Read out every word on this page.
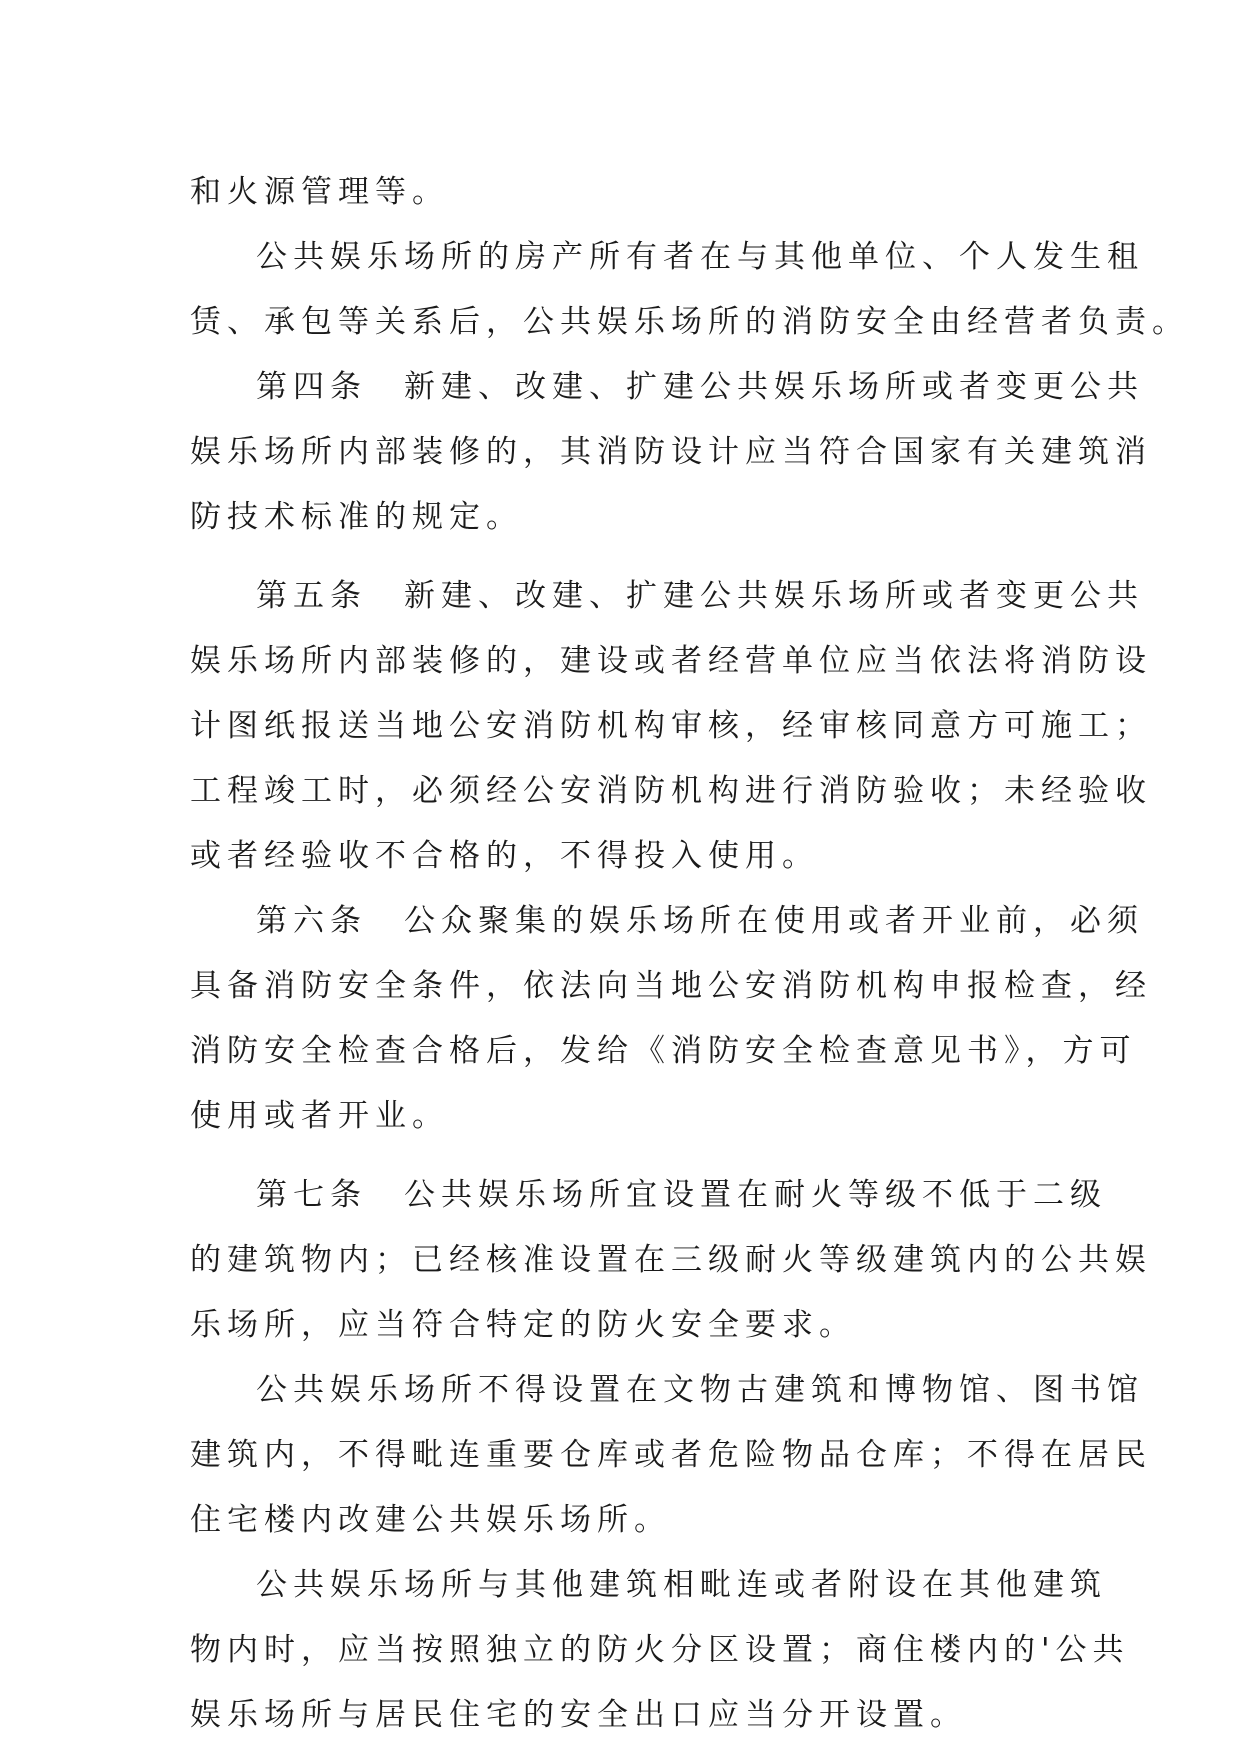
和火源管理等。
公共娱乐场所的房产所有者在与其他单位、个人发生租
赁、承包等关系后，公共娱乐场所的消防安全由经营者负责。
第四条　新建、改建、扩建公共娱乐场所或者变更公共
娱乐场所内部装修的，其消防设计应当符合国家有关建筑消
防技术标准的规定。
第五条　新建、改建、扩建公共娱乐场所或者变更公共
娱乐场所内部装修的，建设或者经营单位应当依法将消防设
计图纸报送当地公安消防机构审核，经审核同意方可施工；
工程竣工时，必须经公安消防机构进行消防验收；未经验收
或者经验收不合格的，不得投入使用。
第六条　公众聚集的娱乐场所在使用或者开业前，必须
具备消防安全条件，依法向当地公安消防机构申报检查，经
消防安全检查合格后，发给《消防安全检查意见书》，方可
使用或者开业。
第七条　公共娱乐场所宜设置在耐火等级不低于二级
的建筑物内；已经核准设置在三级耐火等级建筑内的公共娱
乐场所，应当符合特定的防火安全要求。
公共娱乐场所不得设置在文物古建筑和博物馆、图书馆
建筑内，不得毗连重要仓库或者危险物品仓库；不得在居民
住宅楼内改建公共娱乐场所。
公共娱乐场所与其他建筑相毗连或者附设在其他建筑
物内时，应当按照独立的防火分区设置；商住楼内的'公共
娱乐场所与居民住宅的安全出口应当分开设置。
